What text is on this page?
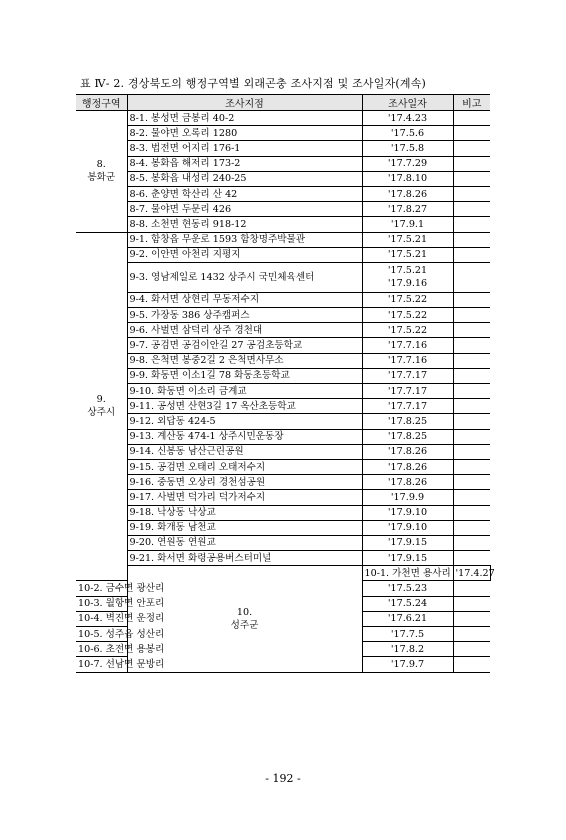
표 Ⅳ- 2. 경상북도의 행정구역별 외래곤충 조사지점 및 조사일자(계속)
행정구역	조사지점	조사일자	비고	

8.
봉화군	8-1. 봉성면 금봉리 40-2	'17.4.23		

	8-2. 물야면 오록리 1280	'17.5.6		

	8-3. 법전면 어지리 176-1	'17.5.8		

	8-4. 봉화읍 해저리 173-2	'17.7.29		

	8-5. 봉화읍 내성리 240-25	'17.8.10		

	8-6. 춘양면 학산리 산 42	'17.8.26		

	8-7. 물야면 두문리 426	'17.8.27		

	8-8. 소천면 현동리 918-12	'17.9.1		

9.
상주시	9-1. 함창읍 무운로 1593 함창명주박물관	'17.5.21		

	9-2. 이안면 아천리 지평지	'17.5.21		

	9-3. 영남제일로 1432 상주시 국민체육센터	'17.5.21
'17.9.16		

	9-4. 화서면 상현리 무동저수지	'17.5.22		

	9-5. 가장동 386 상주캠퍼스	'17.5.22		

	9-6. 사벌면 삼덕리 상주 경천대	'17.5.22		

	9-7. 공검면 공검이안길 27 공검초등학교	'17.7.16		

	9-8. 은척면 봉중2길 2 은척면사무소	'17.7.16		

	9-9. 화동면 이소1길 78 화동초등학교	'17.7.17		

	9-10. 화동면 이소리 금계교	'17.7.17		

	9-11. 공성면 산현3길 17 옥산초등학교	'17.7.17		

	9-12. 외답동 424-5	'17.8.25		

	9-13. 계산동 474-1 상주시민운동장	'17.8.25		

	9-14. 신봉동 남산근린공원	'17.8.26		

	9-15. 공검면 오태리 오태저수지	'17.8.26		

	9-16. 중동면 오상리 경천섬공원	'17.8.26		

	9-17. 사벌면 덕가리 덕가저수지	'17.9.9		

	9-18. 낙상동 낙상교	'17.9.10		

	9-19. 화개동 남천교	'17.9.10		

	9-20. 연원동 연원교	'17.9.15		

	9-21. 화서면 화령공용버스터미널	'17.9.15		

	10.
성주군	10-1. 가천면 용사리	'17.4.27	

10-2. 금수면 광산리		'17.5.23		

10-3. 월항면 안포리		'17.5.24		

10-4. 벽진면 운정리		'17.6.21		

10-5. 성주읍 성산리		'17.7.5		

10-6. 초전면 용봉리		'17.8.2		

10-7. 선남면 문방리		'17.9.7		

- 192 -
